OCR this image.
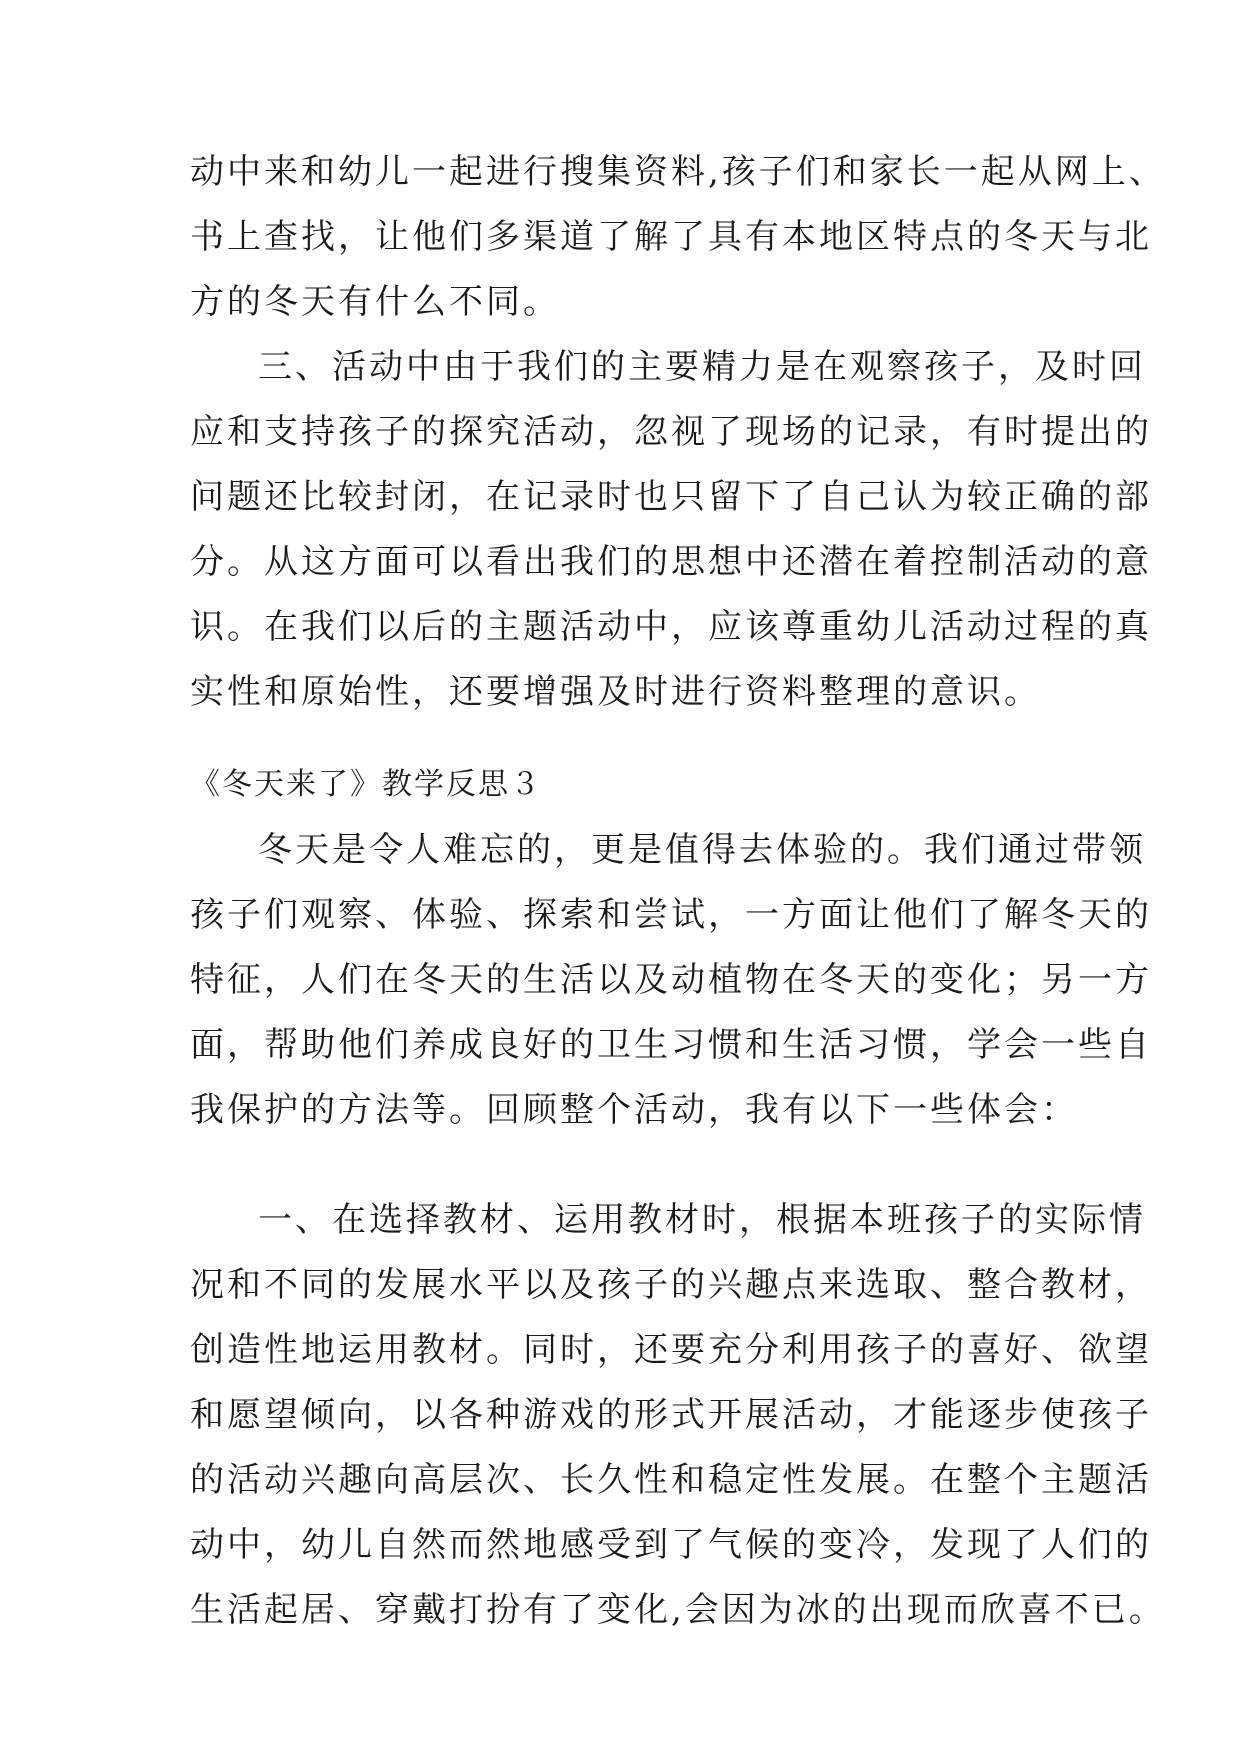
动中来和幼儿一起进行搜集资料,孩子们和家长一起从网上、
书上查找，让他们多渠道了解了具有本地区特点的冬天与北
方的冬天有什么不同。
三、活动中由于我们的主要精力是在观察孩子，及时回
应和支持孩子的探究活动，忽视了现场的记录，有时提出的
问题还比较封闭，在记录时也只留下了自己认为较正确的部
分。从这方面可以看出我们的思想中还潜在着控制活动的意
识。在我们以后的主题活动中，应该尊重幼儿活动过程的真
实性和原始性，还要增强及时进行资料整理的意识。
《冬天来了》教学反思３
冬天是令人难忘的，更是值得去体验的。我们通过带领
孩子们观察、体验、探索和尝试，一方面让他们了解冬天的
特征，人们在冬天的生活以及动植物在冬天的变化；另一方
面，帮助他们养成良好的卫生习惯和生活习惯，学会一些自
我保护的方法等。回顾整个活动，我有以下一些体会：
一、在选择教材、运用教材时，根据本班孩子的实际情
况和不同的发展水平以及孩子的兴趣点来选取、整合教材，
创造性地运用教材。同时，还要充分利用孩子的喜好、欲望
和愿望倾向，以各种游戏的形式开展活动，才能逐步使孩子
的活动兴趣向高层次、长久性和稳定性发展。在整个主题活
动中，幼儿自然而然地感受到了气候的变冷，发现了人们的
生活起居、穿戴打扮有了变化,会因为冰的出现而欣喜不已。
